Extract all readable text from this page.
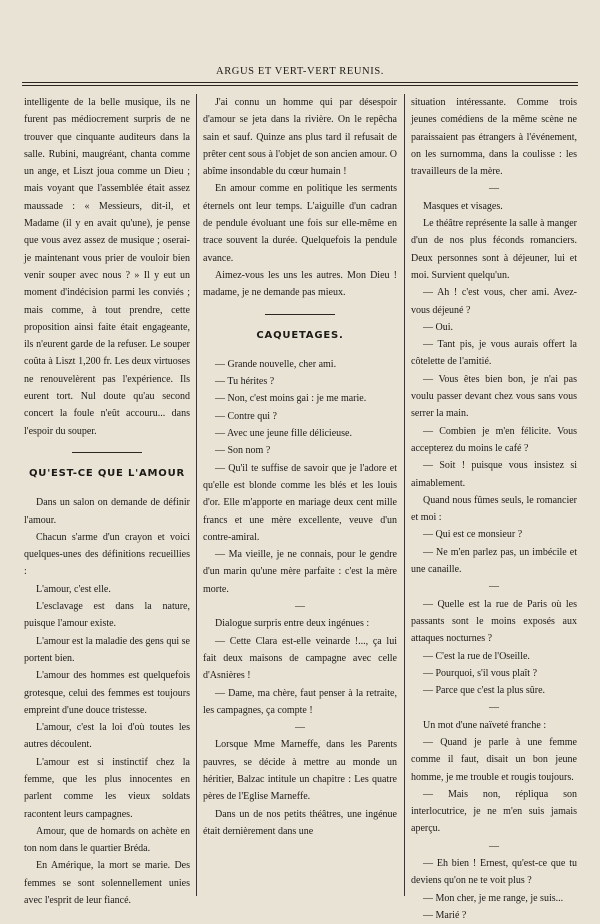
ARGUS ET VERT-VERT REUNIS.

intelligente de la belle musique, ils ne furent pas médiocrement surpris de ne trouver que cinquante auditeurs dans la salle. Rubini, maugréant, chanta comme un ange, et Liszt joua comme un Dieu ; mais voyant que l'assemblée était assez maussade : « Messieurs, dit-il, et Madame (il y en avait qu'une), je pense que vous avez assez de musique ; oserai-je maintenant vous prier de vouloir bien venir souper avec nous ? » Il y eut un moment d'indécision parmi les conviés ; mais comme, à tout prendre, cette proposition ainsi faite était engageante, ils n'eurent garde de la refuser. Le souper coûta à Liszt 1,200 fr. Les deux virtuoses ne renouvelèrent pas l'expérience. Ils eurent tort. Nul doute qu'au second concert la foule n'eût accouru... dans l'espoir du souper.

QU'EST-CE QUE L'AMOUR

Dans un salon on demande de définir l'amour.

Chacun s'arme d'un crayon et voici quelques-unes des définitions recueillies :

L'amour, c'est elle.

L'esclavage est dans la nature, puisque l'amour existe.

L'amour est la maladie des gens qui se portent bien.

L'amour des hommes est quelquefois grotesque, celui des femmes est toujours empreint d'une douce tristesse.

L'amour, c'est la loi d'où toutes les autres découlent.

L'amour est si instinctif chez la femme, que les plus innocentes en parlent comme les vieux soldats racontent leurs campagnes.

Amour, que de homards on achète en ton nom dans le quartier Bréda.

En Amérique, la mort se marie. Des femmes se sont solennellement unies avec l'esprit de leur fiancé.

J'ai connu un homme qui par désespoir d'amour se jeta dans la rivière. On le repêcha sain et sauf. Quinze ans plus tard il refusait de prêter cent sous à l'objet de son ancien amour. O abîme insondable du cœur humain !

En amour comme en politique les serments éternels ont leur temps. L'aiguille d'un cadran de pendule évoluant une fois sur elle-même en trace souvent la durée. Quelquefois la pendule avance.

Aimez-vous les uns les autres. Mon Dieu ! madame, je ne demande pas mieux.

CAQUETAGES.

— Grande nouvelle, cher ami.

— Tu hérites ?

— Non, c'est moins gai : je me marie.

— Contre qui ?

— Avec une jeune fille délicieuse.

— Son nom ?

— Qu'il te suffise de savoir que je l'adore et qu'elle est blonde comme les blés et les louis d'or. Elle m'apporte en mariage deux cent mille francs et une mère excellente, veuve d'un contre-amiral.

— Ma vieille, je ne connais, pour le gendre d'un marin qu'une mère parfaite : c'est la mère morte.

—

Dialogue surpris entre deux ingénues :

— Cette Clara est-elle veinarde !..., ça lui fait deux maisons de campagne avec celle d'Asnières !

— Dame, ma chère, faut penser à la retraite, les campagnes, ça compte !

—

Lorsque Mme Marneffe, dans les Parents pauvres, se décide à mettre au monde un héritier, Balzac intitule un chapitre : Les quatre pères de l'Eglise Marneffe.

Dans un de nos petits théâtres, une ingénue était dernièrement dans une

situation intéressante. Comme trois jeunes comédiens de la même scène ne paraissaient pas étrangers à l'événement, on les surnomma, dans la coulisse : les travailleurs de la mère.

—

Masques et visages.

Le théâtre représente la salle à manger d'un de nos plus féconds romanciers. Deux personnes sont à déjeuner, lui et moi. Survient quelqu'un.

— Ah ! c'est vous, cher ami. Avez-vous déjeuné ?

— Oui.

— Tant pis, je vous aurais offert la côtelette de l'amitié.

— Vous êtes bien bon, je n'ai pas voulu passer devant chez vous sans vous serrer la main.

— Combien je m'en félicite. Vous accepterez du moins le café ?

— Soit ! puisque vous insistez si aimablement.

Quand nous fûmes seuls, le romancier et moi :

— Qui est ce monsieur ?

— Ne m'en parlez pas, un imbécile et une canaille.

—

— Quelle est la rue de Paris où les passants sont le moins exposés aux attaques nocturnes ?

— C'est la rue de l'Oseille.

— Pourquoi, s'il vous plaît ?

— Parce que c'est la plus sûre.

—

Un mot d'une naïveté franche :

— Quand je parle à une femme comme il faut, disait un bon jeune homme, je me trouble et rougis toujours.

— Mais non, répliqua son interlocutrice, je ne m'en suis jamais aperçu.

—

— Eh bien ! Ernest, qu'est-ce que tu deviens qu'on ne te voit plus ?

— Mon cher, je me range, je suis...

— Marié ?
